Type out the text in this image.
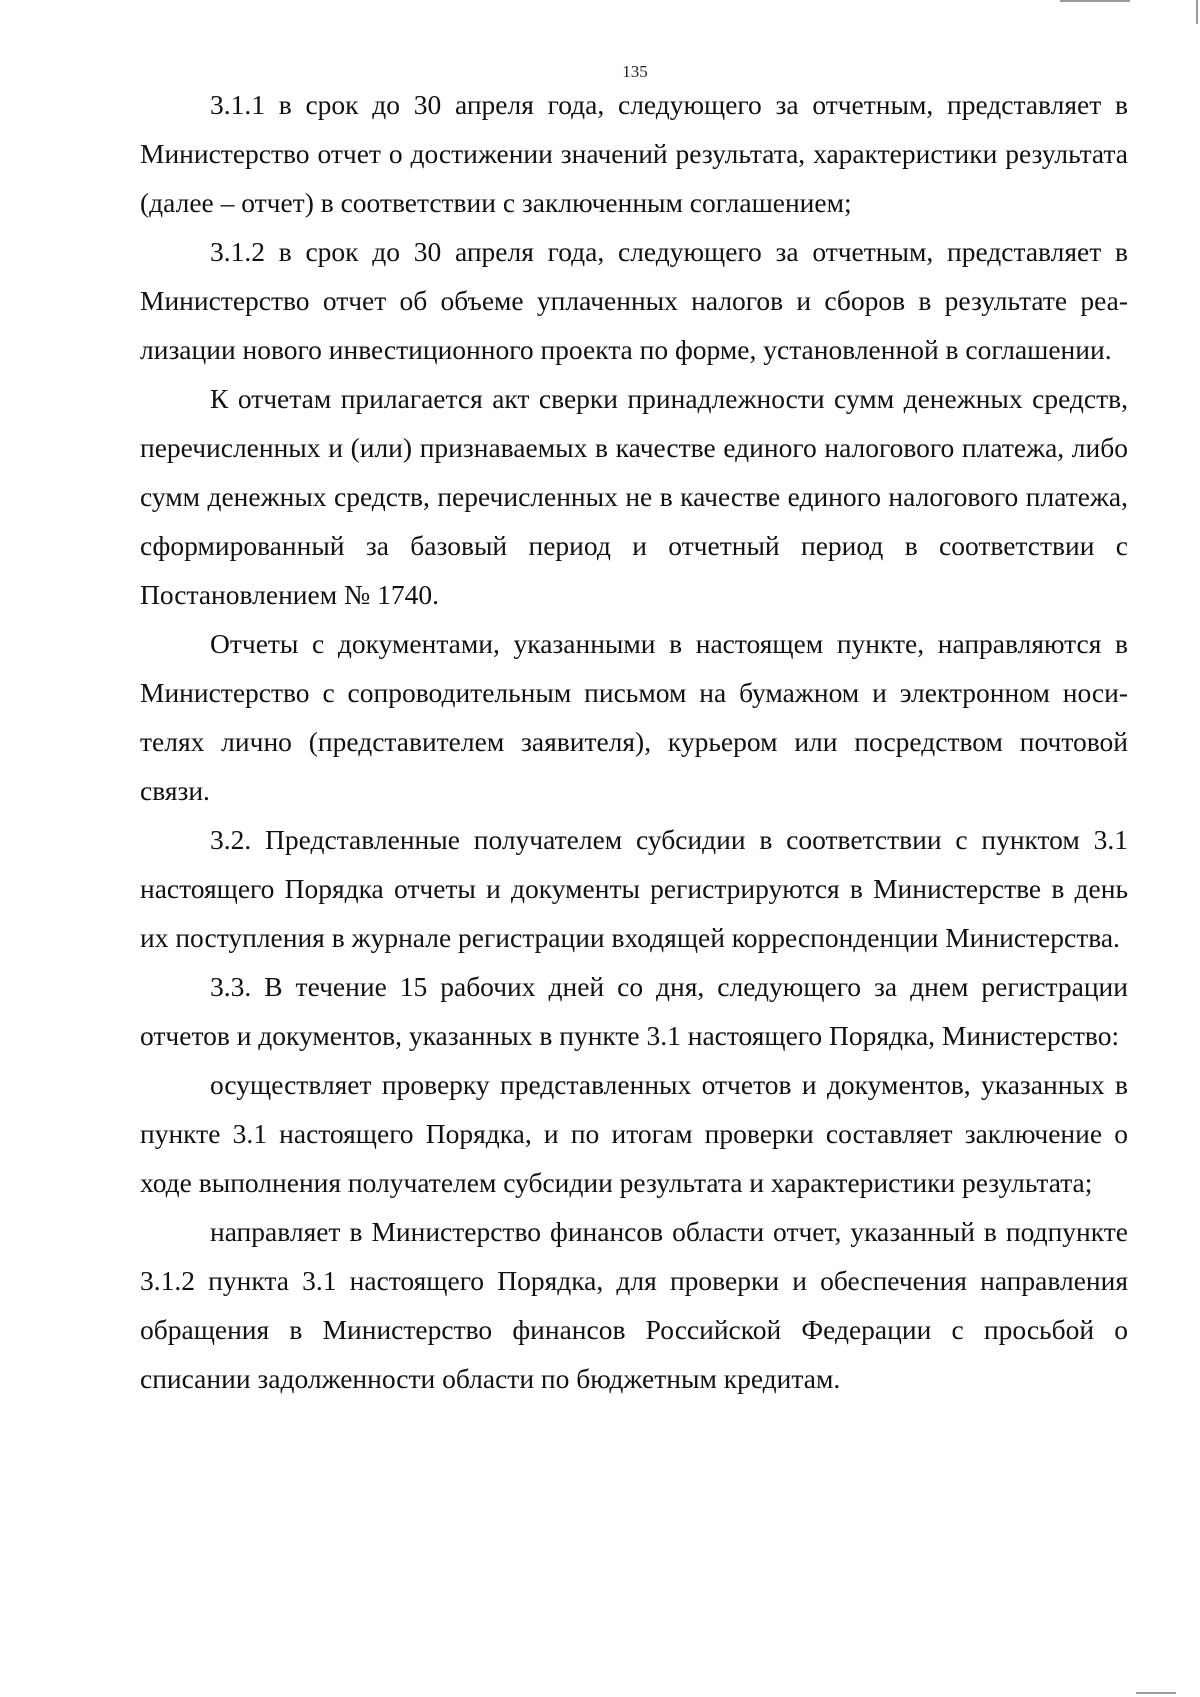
135

3.1.1 в срок до 30 апреля года, следующего за отчетным, представляет в Министерство отчет о достижении значений результата, характеристики результата (далее – отчет) в соответствии с заключенным соглашением;

3.1.2 в срок до 30 апреля года, следующего за отчетным, представляет в Министерство отчет об объеме уплаченных налогов и сборов в результате реализации нового инвестиционного проекта по форме, установленной в соглашении.

К отчетам прилагается акт сверки принадлежности сумм денежных средств, перечисленных и (или) признаваемых в качестве единого налогового платежа, либо сумм денежных средств, перечисленных не в качестве единого налогового платежа, сформированный за базовый период и отчетный период в соответствии с Постановлением № 1740.

Отчеты с документами, указанными в настоящем пункте, направляются в Министерство с сопроводительным письмом на бумажном и электронном носителях лично (представителем заявителя), курьером или посредством почтовой связи.

3.2. Представленные получателем субсидии в соответствии с пунктом 3.1 настоящего Порядка отчеты и документы регистрируются в Министерстве в день их поступления в журнале регистрации входящей корреспонденции Министерства.

3.3. В течение 15 рабочих дней со дня, следующего за днем регистрации отчетов и документов, указанных в пункте 3.1 настоящего Порядка, Министерство:

осуществляет проверку представленных отчетов и документов, указанных в пункте 3.1 настоящего Порядка, и по итогам проверки составляет заключение о ходе выполнения получателем субсидии результата и характеристики результата;

направляет в Министерство финансов области отчет, указанный в подпункте 3.1.2 пункта 3.1 настоящего Порядка, для проверки и обеспечения направления обращения в Министерство финансов Российской Федерации с просьбой о списании задолженности области по бюджетным кредитам.
